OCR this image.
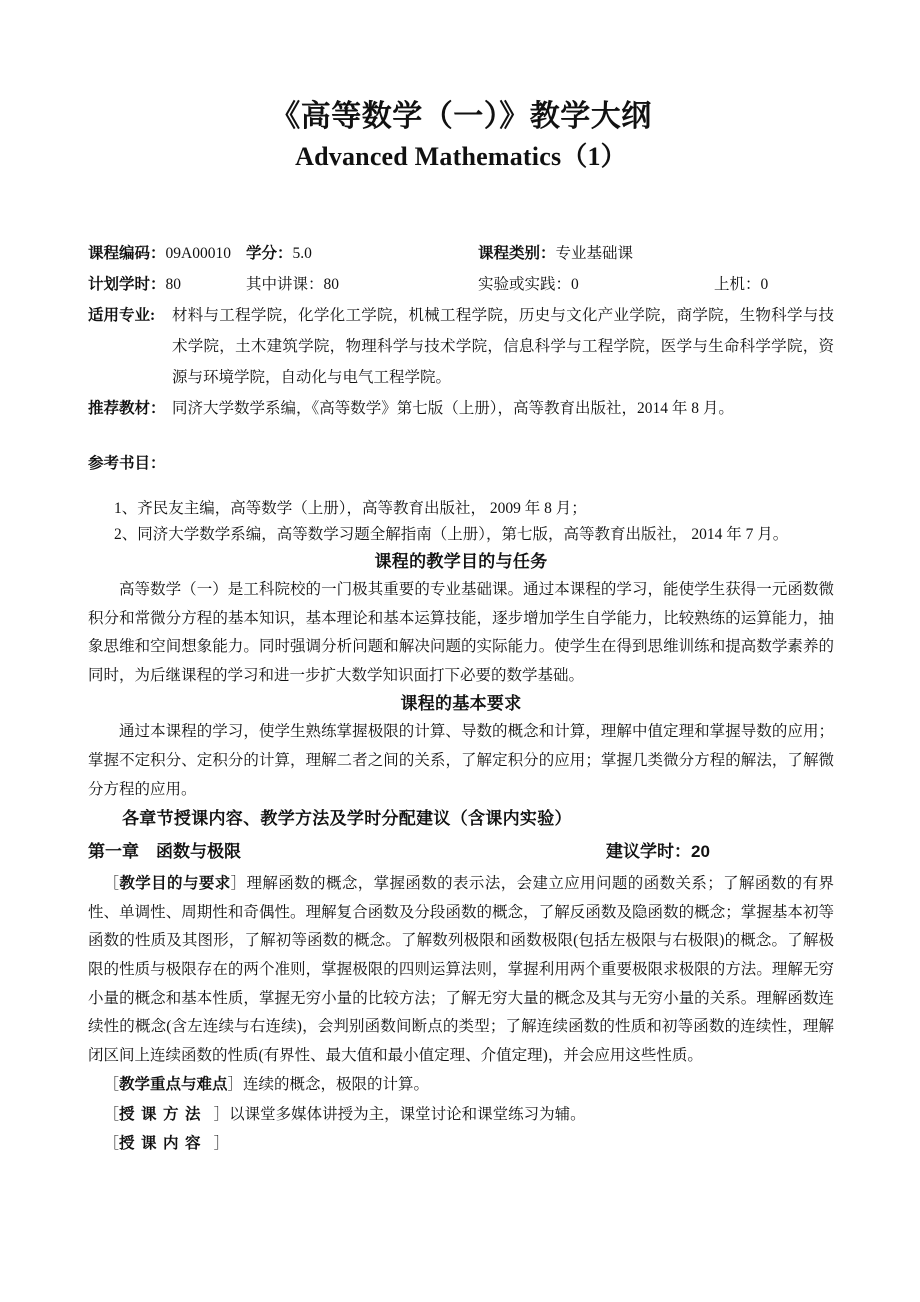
《高等数学（一）》教学大纲
Advanced Mathematics（1）
课程编码：09A00010 学分：5.0	课程类别：专业基础课
计划学时：80	其中讲课：80	实验或实践：0	上机：0
适用专业: 材料与工程学院，化学化工学院，机械工程学院，历史与文化产业学院，商学院，生物科学与技术学院，土木建筑学院，物理科学与技术学院，信息科学与工程学院，医学与生命科学学院，资源与环境学院，自动化与电气工程学院。
推荐教材： 同济大学数学系编，《高等数学》第七版（上册），高等教育出版社，2014 年 8 月。
参考书目：
1、齐民友主编，高等数学（上册），高等教育出版社， 2009 年 8 月；
2、同济大学数学系编，高等数学习题全解指南（上册），第七版，高等教育出版社， 2014 年 7 月。
课程的教学目的与任务
高等数学（一）是工科院校的一门极其重要的专业基础课。通过本课程的学习，能使学生获得一元函数微积分和常微分方程的基本知识，基本理论和基本运算技能，逐步增加学生自学能力，比较熟练的运算能力，抽象思维和空间想象能力。同时强调分析问题和解决问题的实际能力。使学生在得到思维训练和提高数学素养的同时，为后继课程的学习和进一步扩大数学知识面打下必要的数学基础。
课程的基本要求
通过本课程的学习，使学生熟练掌握极限的计算、导数的概念和计算，理解中值定理和掌握导数的应用；掌握不定积分、定积分的计算，理解二者之间的关系，了解定积分的应用；掌握几类微分方程的解法，了解微分方程的应用。
各章节授课内容、教学方法及学时分配建议（含课内实验）
第一章　函数与极限	建议学时：20
［教学目的与要求］理解函数的概念，掌握函数的表示法，会建立应用问题的函数关系；了解函数的有界性、单调性、周期性和奇偶性。理解复合函数及分段函数的概念，了解反函数及隐函数的概念；掌握基本初等函数的性质及其图形，了解初等函数的概念。了解数列极限和函数极限(包括左极限与右极限)的概念。了解极限的性质与极限存在的两个准则，掌握极限的四则运算法则，掌握利用两个重要极限求极限的方法。理解无穷小量的概念和基本性质，掌握无穷小量的比较方法；了解无穷大量的概念及其与无穷小量的关系。理解函数连续性的概念(含左连续与右连续)，会判别函数间断点的类型；了解连续函数的性质和初等函数的连续性，理解闭区间上连续函数的性质(有界性、最大值和最小值定理、介值定理)，并会应用这些性质。
［教学重点与难点］连续的概念，极限的计算。
［授课方法 ］以课堂多媒体讲授为主，课堂讨论和课堂练习为辅。
［授课内容 ］
